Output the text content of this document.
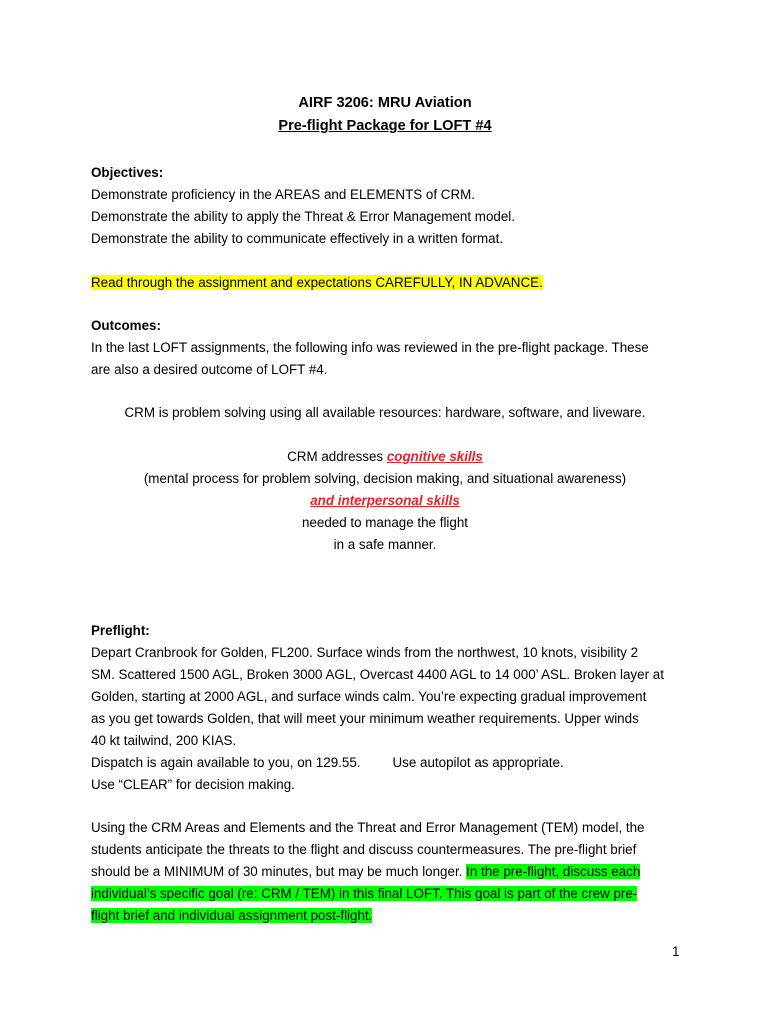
AIRF 3206: MRU Aviation
Pre-flight Package for LOFT #4
Objectives:
Demonstrate proficiency in the AREAS and ELEMENTS of CRM.
Demonstrate the ability to apply the Threat & Error Management model.
Demonstrate the ability to communicate effectively in a written format.
Read through the assignment and expectations CAREFULLY, IN ADVANCE.
Outcomes:
In the last LOFT assignments, the following info was reviewed in the pre-flight package. These
are also a desired outcome of LOFT #4.
CRM is problem solving using all available resources: hardware, software, and liveware.
CRM addresses cognitive skills
(mental process for problem solving, decision making, and situational awareness)
and interpersonal skills
needed to manage the flight
in a safe manner.
Preflight:
Depart Cranbrook for Golden, FL200. Surface winds from the northwest, 10 knots, visibility 2
SM. Scattered 1500 AGL, Broken 3000 AGL, Overcast 4400 AGL to 14 000’ ASL. Broken layer at
Golden, starting at 2000 AGL, and surface winds calm. You’re expecting gradual improvement
as you get towards Golden, that will meet your minimum weather requirements. Upper winds
40 kt tailwind, 200 KIAS.
Dispatch is again available to you, on 129.55. Use autopilot as appropriate.
Use “CLEAR” for decision making.
Using the CRM Areas and Elements and the Threat and Error Management (TEM) model, the
students anticipate the threats to the flight and discuss countermeasures. The pre-flight brief
should be a MINIMUM of 30 minutes, but may be much longer. In the pre-flight, discuss each
individual’s specific goal (re: CRM / TEM) in this final LOFT. This goal is part of the crew pre-
flight brief and individual assignment post-flight.
1
